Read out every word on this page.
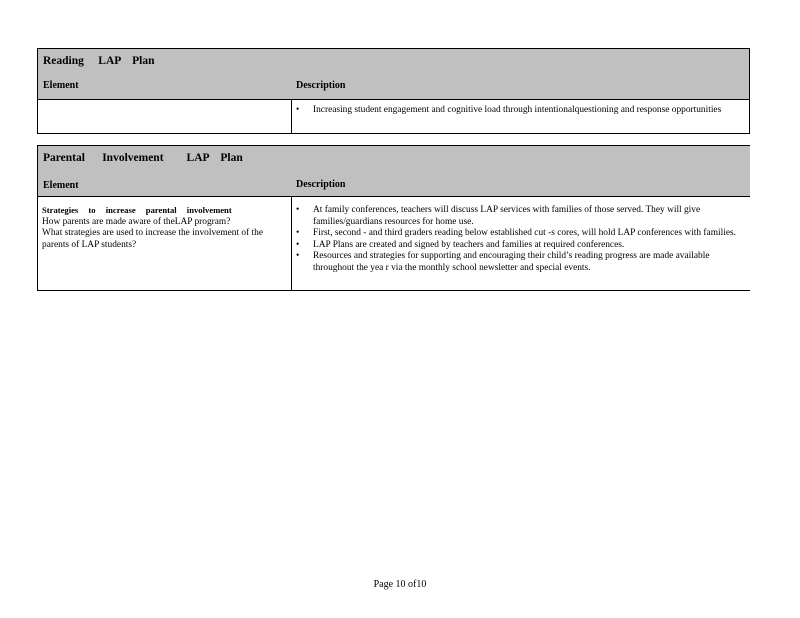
Reading     LAP    Plan
Element	Description
• Increasing student engagement and cognitive load through intentionalquestioning and response opportunities
Parental      Involvement        LAP    Plan
Element	Description
Strategies to increase parental involvement
How parents are made aware of theLAP program?
What strategies are used to increase the involvement of the parents of LAP students?
• At family conferences, teachers will discuss LAP services with families of those served. They will give families/guardians resources for home use.
• First, second - and third graders reading below established cut -s cores, will hold LAP conferences with families.
• LAP Plans are created and signed by teachers and families at required conferences.
• Resources and strategies for supporting and encouraging their child’s reading progress are made available throughout the yea r via the monthly school newsletter and special events.
Page 10 of10
